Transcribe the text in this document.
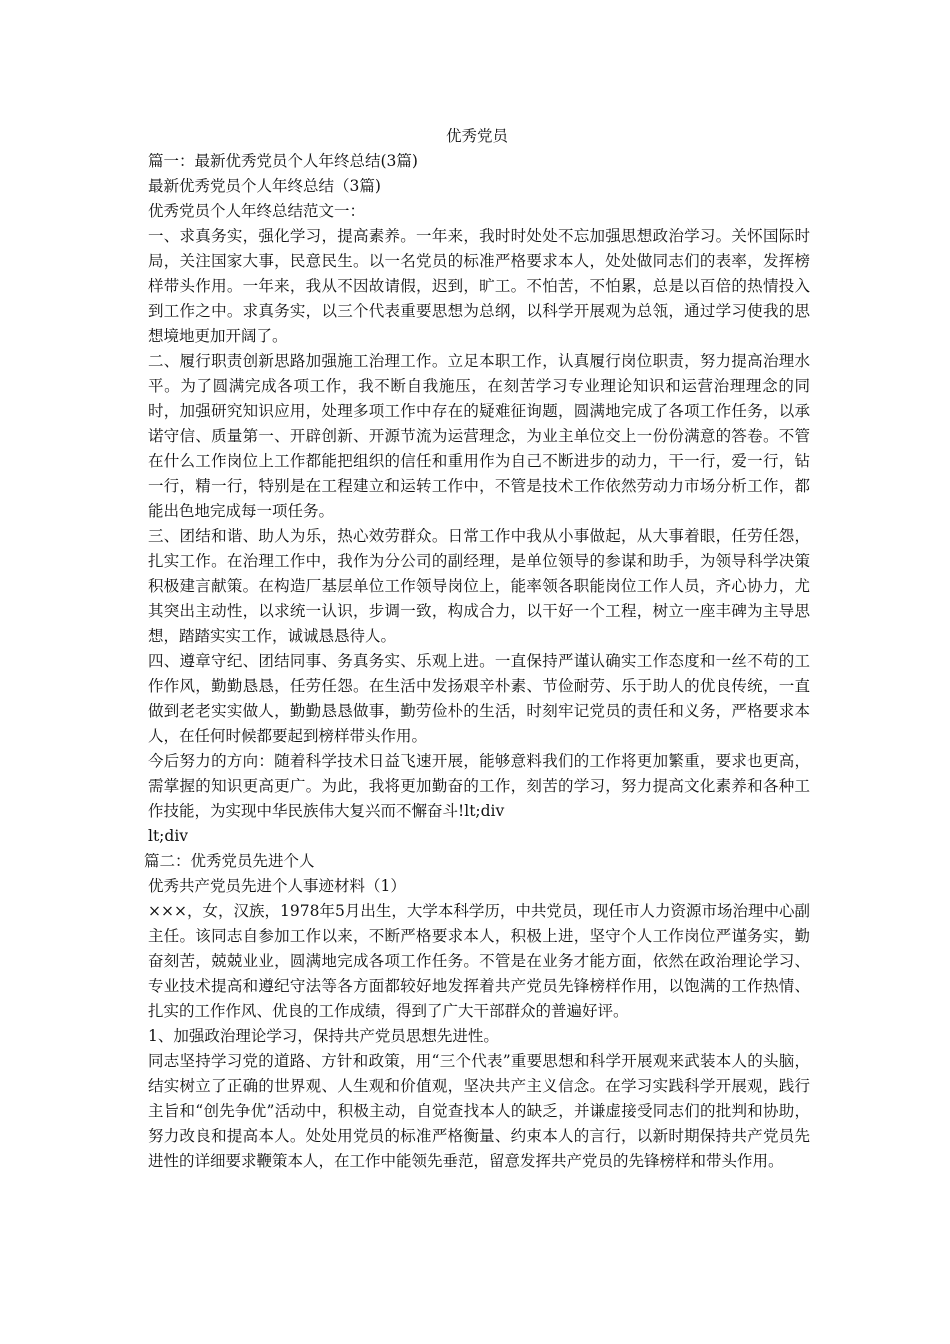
优秀党员

篇一：最新优秀党员个人年终总结(3篇)

最新优秀党员个人年终总结（3篇)

优秀党员个人年终总结范文一：

一、求真务实，强化学习，提高素养。一年来，我时时处处不忘加强思想政治学习。关怀国际时局，关注国家大事，民意民生。以一名党员的标准严格要求本人，处处做同志们的表率，发挥榜样带头作用。一年来，我从不因故请假，迟到，旷工。不怕苦，不怕累，总是以百倍的热情投入到工作之中。求真务实，以三个代表重要思想为总纲，以科学开展观为总瓴，通过学习使我的思想境地更加开阔了。

二、履行职责创新思路加强施工治理工作。立足本职工作，认真履行岗位职责，努力提高治理水平。为了圆满完成各项工作，我不断自我施压，在刻苦学习专业理论知识和运营治理理念的同时，加强研究知识应用，处理多项工作中存在的疑难征询题，圆满地完成了各项工作任务，以承诺守信、质量第一、开辟创新、开源节流为运营理念，为业主单位交上一份份满意的答卷。不管在什么工作岗位上工作都能把组织的信任和重用作为自己不断进步的动力，干一行，爱一行，钻一行，精一行，特别是在工程建立和运转工作中，不管是技术工作依然劳动力市场分析工作，都能出色地完成每一项任务。

三、团结和谐、助人为乐，热心效劳群众。日常工作中我从小事做起，从大事着眼，任劳任怨，扎实工作。在治理工作中，我作为分公司的副经理，是单位领导的参谋和助手，为领导科学决策积极建言献策。在构造厂基层单位工作领导岗位上，能率领各职能岗位工作人员，齐心协力，尤其突出主动性，以求统一认识，步调一致，构成合力，以干好一个工程，树立一座丰碑为主导思想，踏踏实实工作，诚诚恳恳待人。

四、遵章守纪、团结同事、务真务实、乐观上进。一直保持严谨认确实工作态度和一丝不苟的工作作风，勤勤恳恳，任劳任怨。在生活中发扬艰辛朴素、节俭耐劳、乐于助人的优良传统，一直做到老老实实做人，勤勤恳恳做事，勤劳俭朴的生活，时刻牢记党员的责任和义务，严格要求本人，在任何时候都要起到榜样带头作用。

今后努力的方向：随着科学技术日益飞速开展，能够意料我们的工作将更加繁重，要求也更高，需掌握的知识更高更广。为此，我将更加勤奋的工作，刻苦的学习，努力提高文化素养和各种工作技能，为实现中华民族伟大复兴而不懈奋斗!lt;div

lt;div

篇二：优秀党员先进个人

优秀共产党员先进个人事迹材料（1）

×××，女，汉族，1978年5月出生，大学本科学历，中共党员，现任市人力资源市场治理中心副主任。该同志自参加工作以来，不断严格要求本人，积极上进，坚守个人工作岗位严谨务实，勤奋刻苦，兢兢业业，圆满地完成各项工作任务。不管是在业务才能方面，依然在政治理论学习、专业技术提高和遵纪守法等各方面都较好地发挥着共产党员先锋榜样作用，以饱满的工作热情、扎实的工作作风、优良的工作成绩，得到了广大干部群众的普遍好评。

1、加强政治理论学习，保持共产党员思想先进性。

同志坚持学习党的道路、方针和政策，用“三个代表”重要思想和科学开展观来武装本人的头脑，结实树立了正确的世界观、人生观和价值观，坚决共产主义信念。在学习实践科学开展观，践行主旨和“创先争优”活动中，积极主动，自觉查找本人的缺乏，并谦虚接受同志们的批判和协助，努力改良和提高本人。处处用党员的标准严格衡量、约束本人的言行，以新时期保持共产党员先进性的详细要求鞭策本人，在工作中能领先垂范，留意发挥共产党员的先锋榜样和带头作用。
